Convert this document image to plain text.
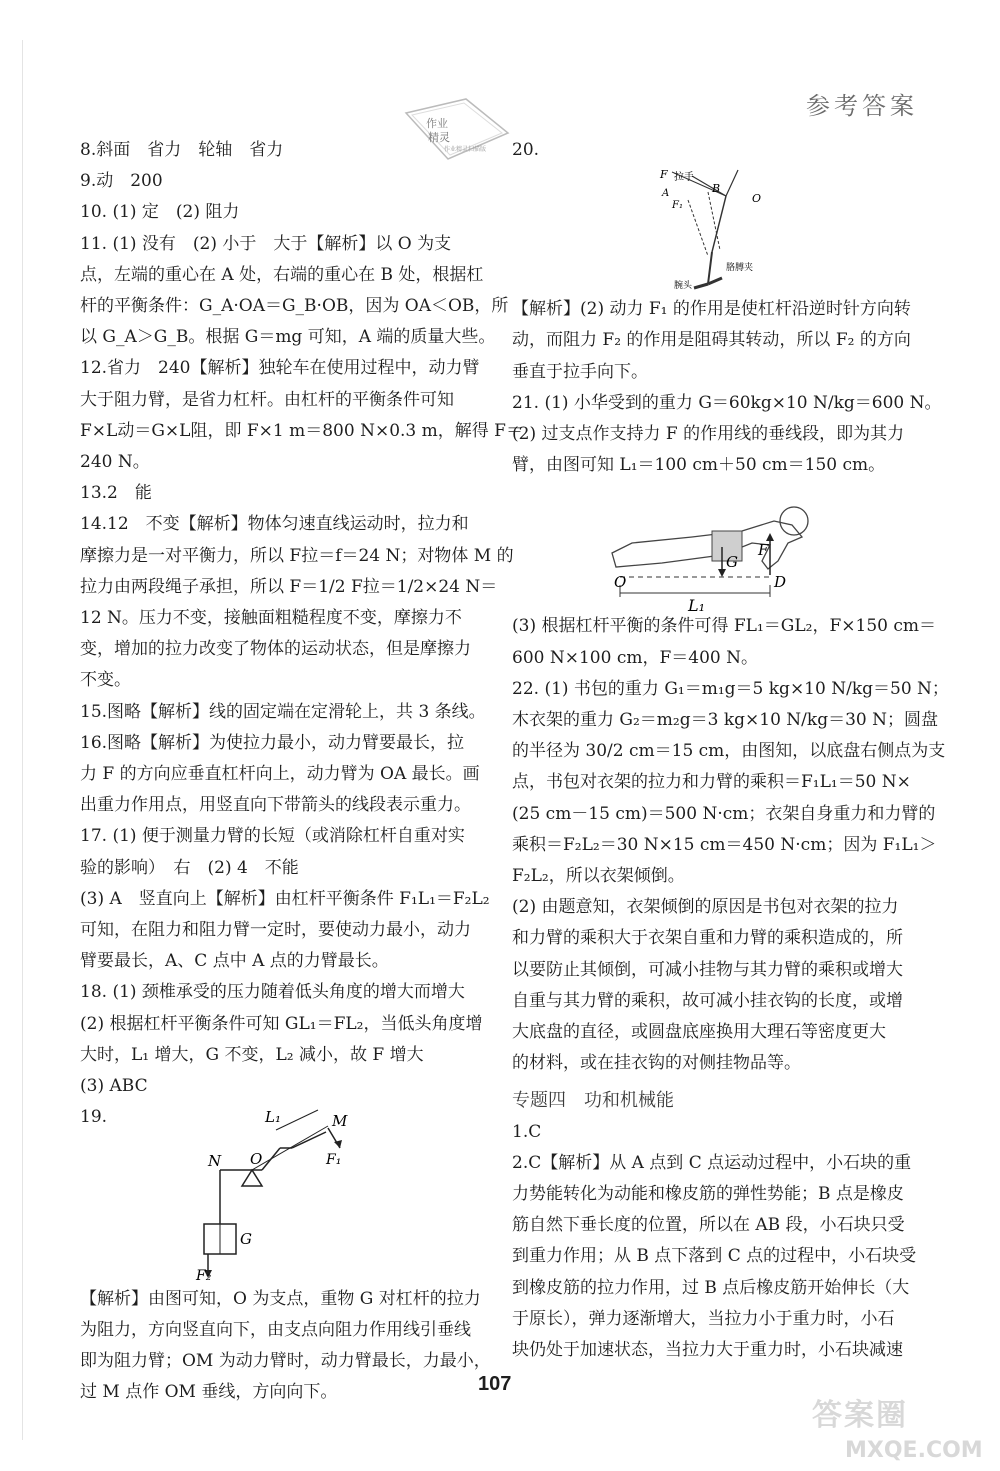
参考答案
作业
精灵
作业精灵扫描版
8.斜面　省力　轮轴　省力
9.动　200
10. (1) 定　(2) 阻力
11. (1) 没有　(2) 小于　大于【解析】以 O 为支
点，左端的重心在 A 处，右端的重心在 B 处，根据杠
杆的平衡条件：G_A·OA＝G_B·OB，因为 OA＜OB，所
以 G_A＞G_B。根据 G＝mg 可知，A 端的质量大些。
12.省力　240【解析】独轮车在使用过程中，动力臂
大于阻力臂，是省力杠杆。由杠杆的平衡条件可知
F×L动＝G×L阻，即 F×1 m＝800 N×0.3 m，解得 F＝
240 N。
13.2　能
14.12　不变【解析】物体匀速直线运动时，拉力和
摩擦力是一对平衡力，所以 F拉＝f＝24 N；对物体 M 的
拉力由两段绳子承担，所以 F＝1/2 F拉＝1/2×24 N＝
12 N。压力不变，接触面粗糙程度不变，摩擦力不
变，增加的拉力改变了物体的运动状态，但是摩擦力
不变。
15.图略【解析】线的固定端在定滑轮上，共 3 条线。
16.图略【解析】为使拉力最小，动力臂要最长，拉
力 F 的方向应垂直杠杆向上，动力臂为 OA 最长。画
出重力作用点，用竖直向下带箭头的线段表示重力。
17. (1) 便于测量力臂的长短（或消除杠杆自重对实
验的影响）　右　(2) 4　不能
(3) A　竖直向上【解析】由杠杆平衡条件 F₁L₁＝F₂L₂
可知，在阻力和阻力臂一定时，要使动力最小，动力
臂要最长，A、C 点中 A 点的力臂最长。
18. (1) 颈椎承受的压力随着低头角度的增大而增大
(2) 根据杠杆平衡条件可知 GL₁＝FL₂，当低头角度增
大时，L₁ 增大，G 不变，L₂ 减小，故 F 增大
(3) ABC
19.	L₁	M
F₁
N O
G
F₂
【解析】由图可知，O 为支点，重物 G 对杠杆的拉力
为阻力，方向竖直向下，由支点向阻力作用线引垂线
即为阻力臂；OM 为动力臂时，动力臂最长，力最小，
过 M 点作 OM 垂线，方向向下。
20.
F 拉手
B
O
F₁
A
胳膊夹
腕头
【解析】(2) 动力 F₁ 的作用是使杠杆沿逆时针方向转
动，而阻力 F₂ 的作用是阻碍其转动，所以 F₂ 的方向
垂直于拉手向下。
21. (1) 小华受到的重力 G＝60kg×10 N/kg＝600 N。
(2) 过支点作支持力 F 的作用线的垂线段，即为其力
臂，由图可知 L₁＝100 cm＋50 cm＝150 cm。
O	D
G
F
L₁
(3) 根据杠杆平衡的条件可得 FL₁＝GL₂，F×150 cm＝
600 N×100 cm，F＝400 N。
22. (1) 书包的重力 G₁＝m₁g＝5 kg×10 N/kg＝50 N；
木衣架的重力 G₂＝m₂g＝3 kg×10 N/kg＝30 N；圆盘
的半径为 30/2 cm＝15 cm，由图知，以底盘右侧点为支
点，书包对衣架的拉力和力臂的乘积＝F₁L₁＝50 N×
(25 cm－15 cm)＝500 N·cm；衣架自身重力和力臂的
乘积＝F₂L₂＝30 N×15 cm＝450 N·cm；因为 F₁L₁＞
F₂L₂，所以衣架倾倒。
(2) 由题意知，衣架倾倒的原因是书包对衣架的拉力
和力臂的乘积大于衣架自重和力臂的乘积造成的，所
以要防止其倾倒，可减小挂物与其力臂的乘积或增大
自重与其力臂的乘积，故可减小挂衣钩的长度，或增
大底盘的直径，或圆盘底座换用大理石等密度更大
的材料，或在挂衣钩的对侧挂物品等。
专题四　功和机械能
1.C
2.C【解析】从 A 点到 C 点运动过程中，小石块的重
力势能转化为动能和橡皮筋的弹性势能；B 点是橡皮
筋自然下垂长度的位置，所以在 AB 段，小石块只受
到重力作用；从 B 点下落到 C 点的过程中，小石块受
到橡皮筋的拉力作用，过 B 点后橡皮筋开始伸长（大
于原长），弹力逐渐增大，当拉力小于重力时，小石
块仍处于加速状态，当拉力大于重力时，小石块减速
107
答案圈
MXQE.COM
